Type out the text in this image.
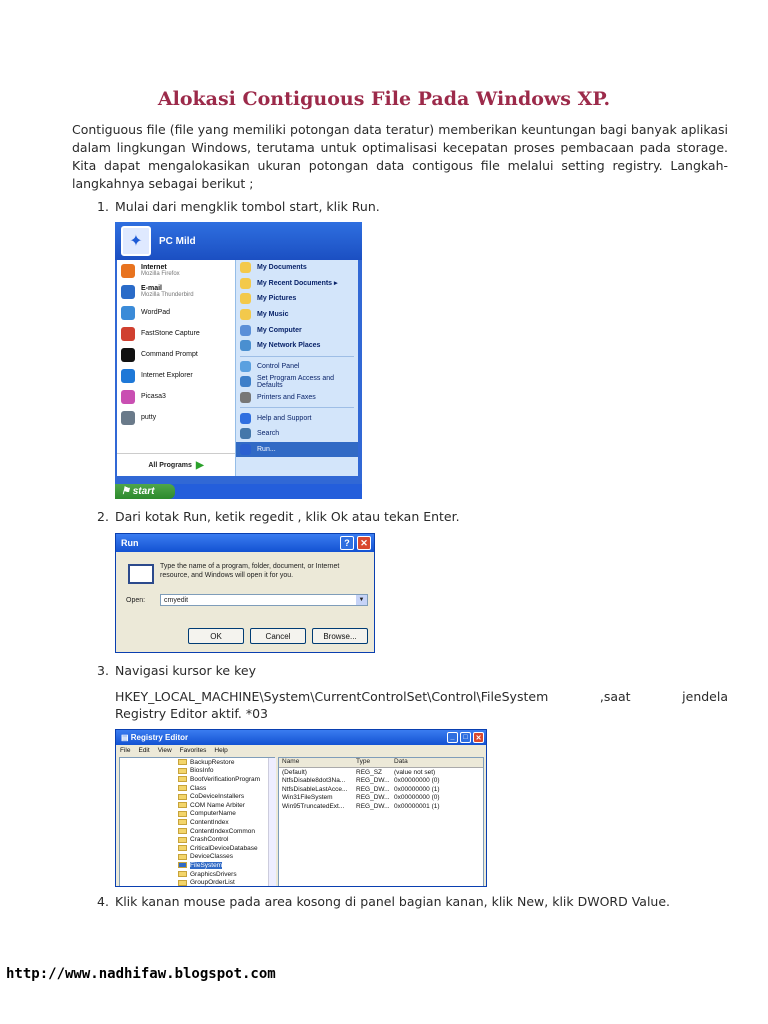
Alokasi Contiguous File Pada Windows XP.
Contiguous file (file yang memiliki potongan data teratur) memberikan keuntungan bagi banyak aplikasi dalam lingkungan Windows, terutama untuk optimalisasi kecepatan proses pembacaan pada storage. Kita dapat mengalokasikan ukuran potongan data contigous file melalui setting registry. Langkah-langkahnya sebagai berikut ;
1. Mulai dari mengklik tombol start, klik Run.
✦	PC Mild
Internet
Mozilla Firefox
E-mail
Mozilla Thunderbird
WordPad
FastStone Capture
Command Prompt
Internet Explorer
Picasa3
putty
All Programs ▶
My Documents
My Recent Documents ▸
My Pictures
My Music
My Computer
My Network Places
Control Panel
Set Program Access and Defaults
Printers and Faxes
Help and Support
Search
Run...
⚑ start
2. Dari kotak Run, ketik regedit , klik Ok atau tekan Enter.
Run	?	✕
Type the name of a program, folder, document, or Internet resource, and Windows will open it for you.
Open:	cmyedit	▼
OK	Cancel	Browse...
3. Navigasi kursor ke key
HKEY_LOCAL_MACHINE\System\CurrentControlSet\Control\FileSystem	,saat	jendela
Registry Editor aktif. *03
▤ Registry Editor	_	□	✕
File Edit View Favorites Help
BackupRestore
BiosInfo
BootVerificationProgram
Class
CoDeviceInstallers
COM Name Arbiter
ComputerName
ContentIndex
ContentIndexCommon
CrashControl
CriticalDeviceDatabase
DeviceClasses
FileSystem
GraphicsDrivers
GroupOrderList
Name	Type	Data
(Default)	REG_SZ	(value not set)
NtfsDisable8dot3Na...	REG_DW... 0x00000000 (0)
NtfsDisableLastAcce...	REG_DW... 0x00000000 (1)
Win31FileSystem	REG_DW... 0x00000000 (0)
Win95TruncatedExt...	REG_DW... 0x00000001 (1)
4. Klik kanan mouse pada area kosong di panel bagian kanan, klik New, klik DWORD Value.
http://www.nadhifaw.blogspot.com
